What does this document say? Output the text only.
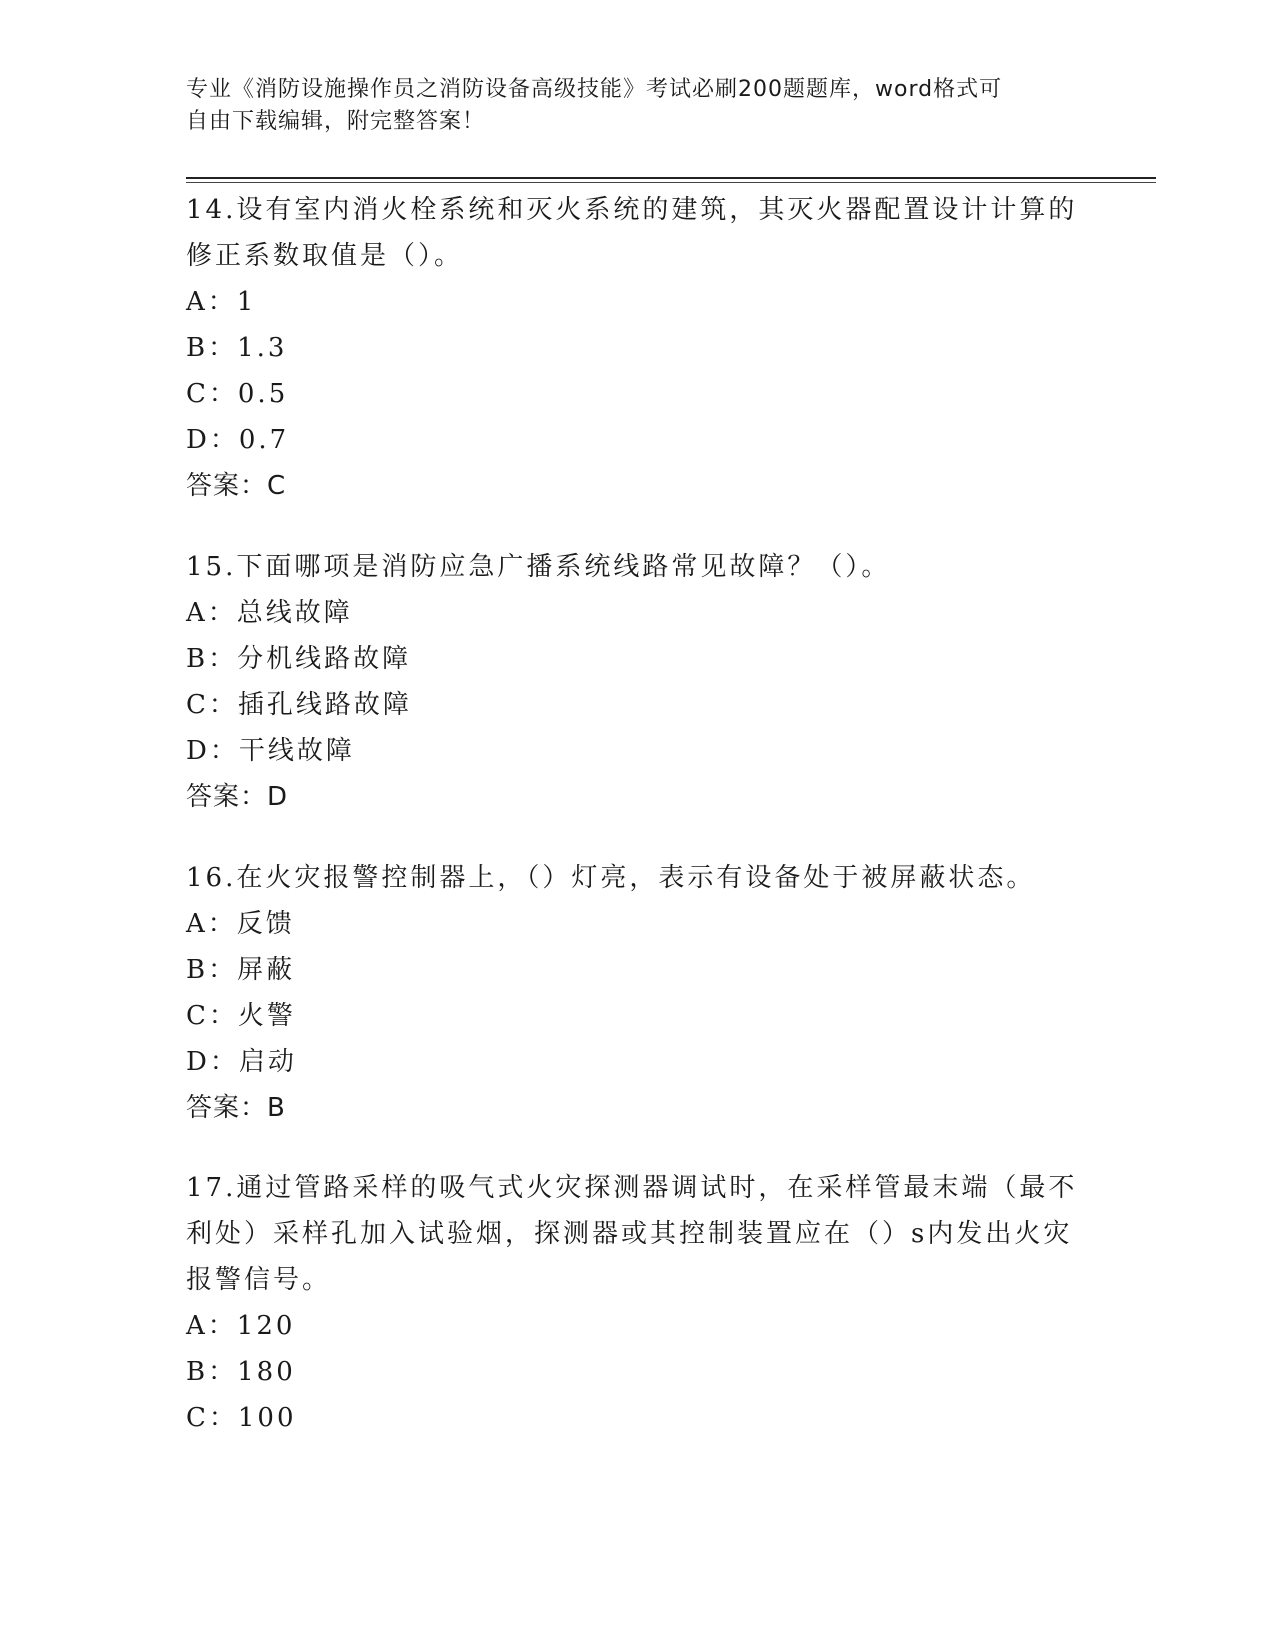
专业《消防设施操作员之消防设备高级技能》考试必刷200题题库，word格式可
自由下载编辑，附完整答案！
14.设有室内消火栓系统和灭火系统的建筑，其灭火器配置设计计算的
修正系数取值是（）。
A：1
B：1.3
C：0.5
D：0.7
答案：C
15.下面哪项是消防应急广播系统线路常见故障？（）。
A：总线故障
B：分机线路故障
C：插孔线路故障
D：干线故障
答案：D
16.在火灾报警控制器上，（）灯亮，表示有设备处于被屏蔽状态。
A：反馈
B：屏蔽
C：火警
D：启动
答案：B
17.通过管路采样的吸气式火灾探测器调试时，在采样管最末端（最不
利处）采样孔加入试验烟，探测器或其控制装置应在（）s内发出火灾
报警信号。
A：120
B：180
C：100
